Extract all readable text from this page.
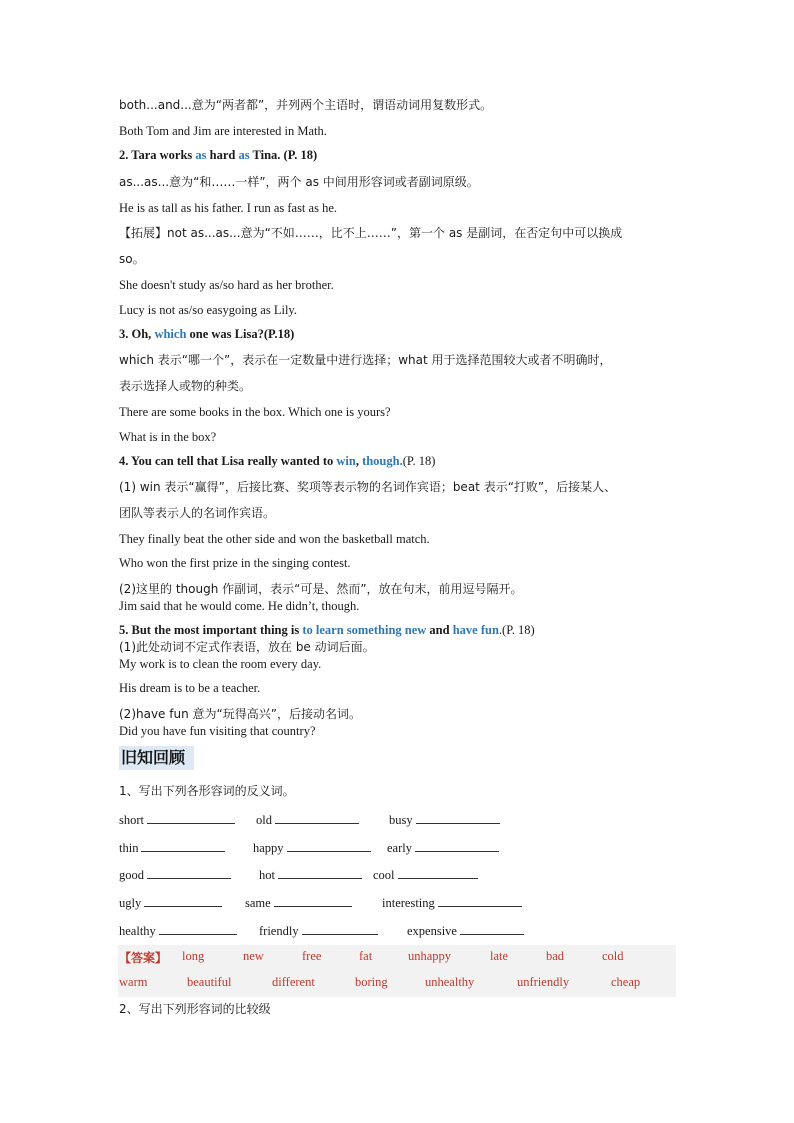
both...and...意为“两者都”，并列两个主语时，谓语动词用复数形式。
Both Tom and Jim are interested in Math.
2. Tara works as hard as Tina. (P. 18)
as...as...意为“和……一样”，两个 as 中间用形容词或者副词原级。
He is as tall as his father. I run as fast as he.
【拓展】not as...as...意为“不如……，比不上……”，第一个 as 是副词，在否定句中可以换成
so。
She doesn't study as/so hard as her brother.
Lucy is not as/so easygoing as Lily.
3. Oh, which one was Lisa?(P.18)
which 表示“哪一个”，表示在一定数量中进行选择；what 用于选择范围较大或者不明确时，
表示选择人或物的种类。
There are some books in the box. Which one is yours?
What is in the box?
4. You can tell that Lisa really wanted to win, though.(P. 18)
(1) win 表示“赢得”，后接比赛、奖项等表示物的名词作宾语；beat 表示“打败”，后接某人、
团队等表示人的名词作宾语。
They finally beat the other side and won the basketball match.
Who won the first prize in the singing contest.
(2)这里的 though 作副词，表示“可是、然而”，放在句末，前用逗号隔开。
Jim said that he would come. He didn’t, though.
5. But the most important thing is to learn something new and have fun.(P. 18)
(1)此处动词不定式作表语，放在 be 动词后面。
My work is to clean the room every day.
His dream is to be a teacher.
(2)have fun 意为“玩得高兴”，后接动名词。
Did you have fun visiting that country?
旧知回顾
1、写出下列各形容词的反义词。
short	old	busy
thin	happy	early
good	hot	cool
ugly	same	interesting
healthy	friendly	expensive
【答案】 long	new	free	fat	unhappy	late	bad	cold
warm	beautiful	different	boring	unhealthy	unfriendly	cheap
2、写出下列形容词的比较级
